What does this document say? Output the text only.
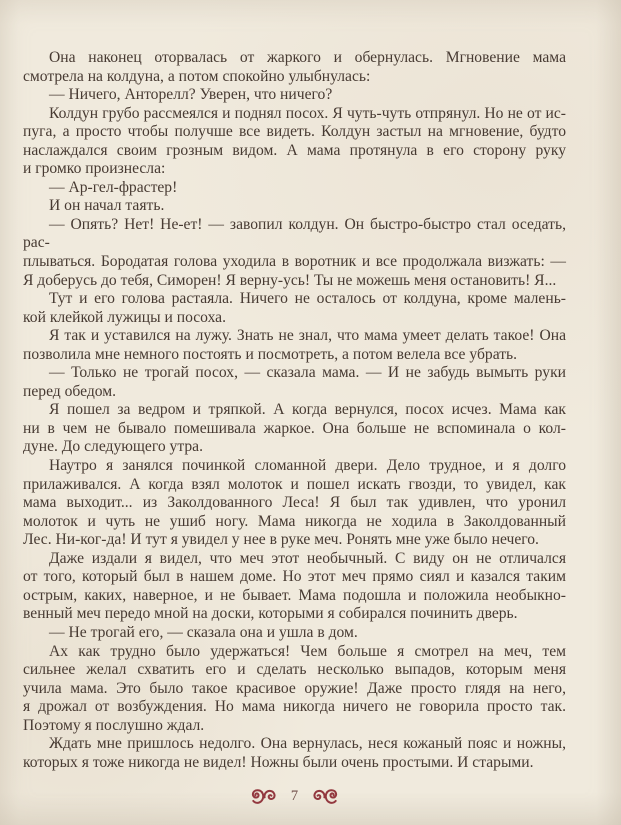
Она наконец оторвалась от жаркого и обернулась. Мгновение мама
смотрела на колдуна, а потом спокойно улыбнулась:
— Ничего, Анторелл? Уверен, что ничего?
Колдун грубо рассмеялся и поднял посох. Я чуть-чуть отпрянул. Но не от ис-
пуга, а просто чтобы получше все видеть. Колдун застыл на мгновение, будто
наслаждался своим грозным видом. А мама протянула в его сторону руку
и громко произнесла:
— Ар-гел-фрастер!
И он начал таять.
— Опять? Нет! Не-ет! — завопил колдун. Он быстро-быстро стал оседать, рас-
плываться. Бородатая голова уходила в воротник и все продолжала визжать: —
Я доберусь до тебя, Симорен! Я верну-усь! Ты не можешь меня остановить! Я...
Тут и его голова растаяла. Ничего не осталось от колдуна, кроме малень-
кой клейкой лужицы и посоха.
Я так и уставился на лужу. Знать не знал, что мама умеет делать такое! Она
позволила мне немного постоять и посмотреть, а потом велела все убрать.
— Только не трогай посох, — сказала мама. — И не забудь вымыть руки
перед обедом.
Я пошел за ведром и тряпкой. А когда вернулся, посох исчез. Мама как
ни в чем не бывало помешивала жаркое. Она больше не вспоминала о кол-
дуне. До следующего утра.
Наутро я занялся починкой сломанной двери. Дело трудное, и я долго
прилаживался. А когда взял молоток и пошел искать гвозди, то увидел, как
мама выходит... из Заколдованного Леса! Я был так удивлен, что уронил
молоток и чуть не ушиб ногу. Мама никогда не ходила в Заколдованный
Лес. Ни-ког-да! И тут я увидел у нее в руке меч. Ронять мне уже было нечего.
Даже издали я видел, что меч этот необычный. С виду он не отличался
от того, который был в нашем доме. Но этот меч прямо сиял и казался таким
острым, каких, наверное, и не бывает. Мама подошла и положила необыкно-
венный меч передо мной на доски, которыми я собирался починить дверь.
— Не трогай его, — сказала она и ушла в дом.
Ах как трудно было удержаться! Чем больше я смотрел на меч, тем
сильнее желал схватить его и сделать несколько выпадов, которым меня
учила мама. Это было такое красивое оружие! Даже просто глядя на него,
я дрожал от возбуждения. Но мама никогда ничего не говорила просто так.
Поэтому я послушно ждал.
Ждать мне пришлось недолго. Она вернулась, неся кожаный пояс и ножны,
которых я тоже никогда не видел! Ножны были очень простыми. И старыми.
7
